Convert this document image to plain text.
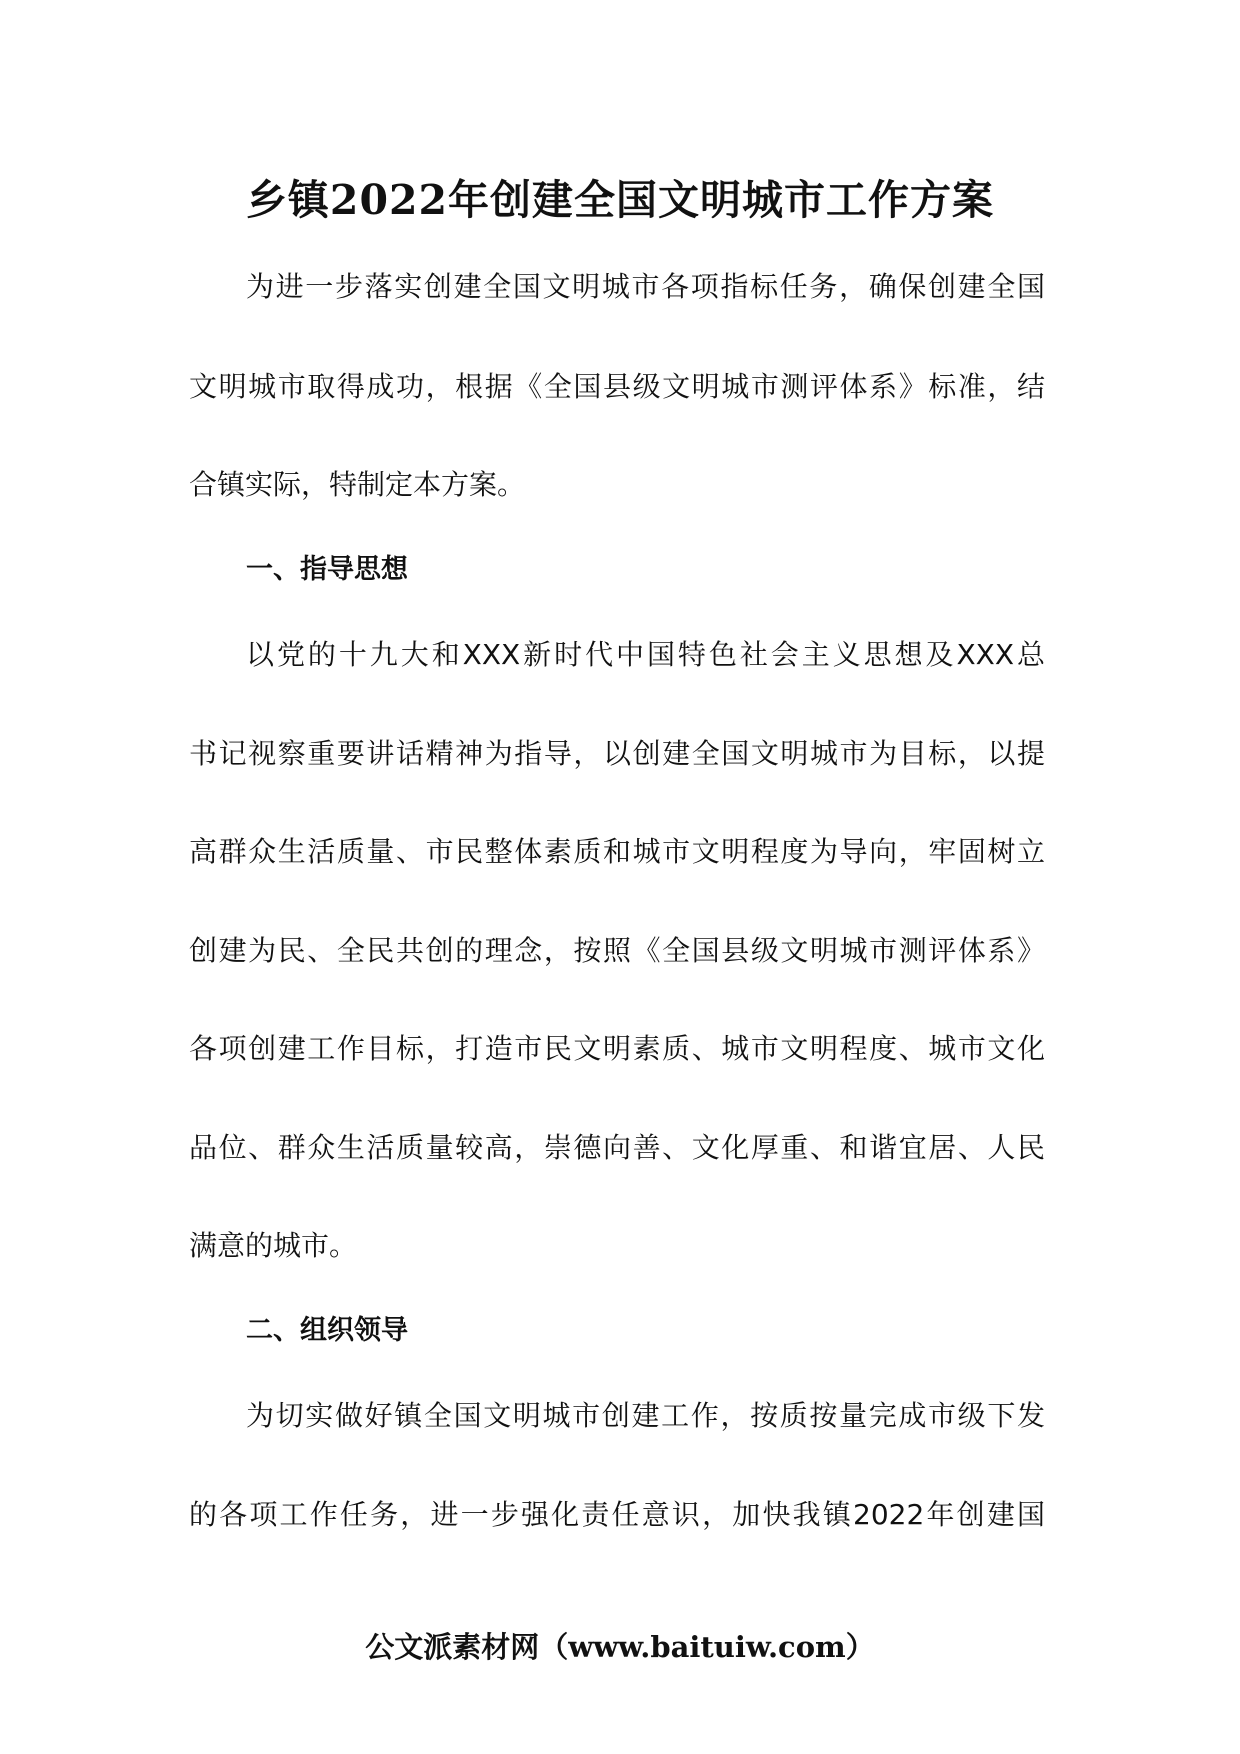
乡镇2022年创建全国文明城市工作方案

为进一步落实创建全国文明城市各项指标任务，确保创建全国

文明城市取得成功，根据《全国县级文明城市测评体系》标准，结

合镇实际，特制定本方案。

一、指导思想

以党的十九大和XXX新时代中国特色社会主义思想及XXX总

书记视察重要讲话精神为指导，以创建全国文明城市为目标，以提

高群众生活质量、市民整体素质和城市文明程度为导向，牢固树立

创建为民、全民共创的理念，按照《全国县级文明城市测评体系》

各项创建工作目标，打造市民文明素质、城市文明程度、城市文化

品位、群众生活质量较高，崇德向善、文化厚重、和谐宜居、人民

满意的城市。

二、组织领导

为切实做好镇全国文明城市创建工作，按质按量完成市级下发

的各项工作任务，进一步强化责任意识，加快我镇2022年创建国

公文派素材网（www.baituiw.com）
